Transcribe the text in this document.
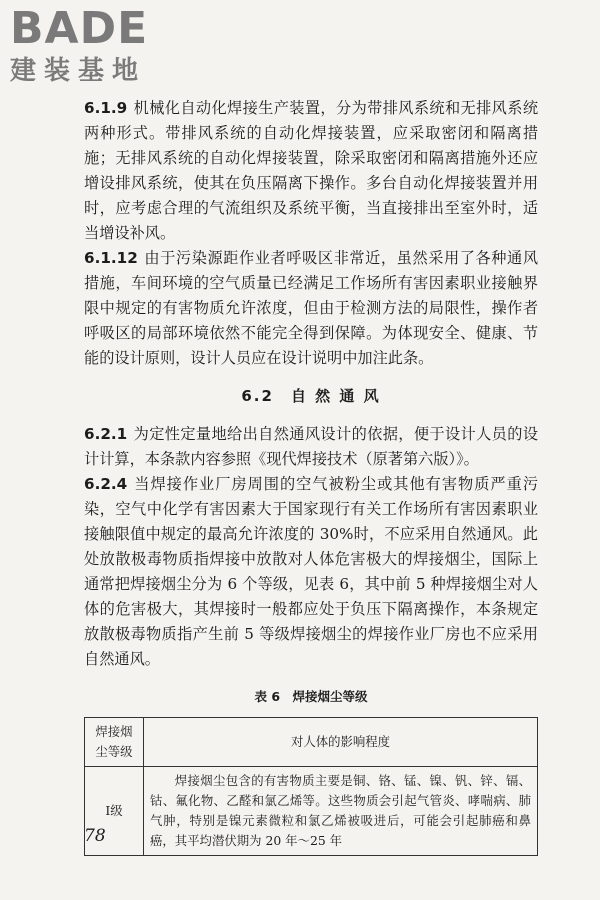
BADE
建装基地

6.1.9 机械化自动化焊接生产装置，分为带排风系统和无排风系统两种形式。带排风系统的自动化焊接装置，应采取密闭和隔离措施；无排风系统的自动化焊接装置，除采取密闭和隔离措施外还应增设排风系统，使其在负压隔离下操作。多台自动化焊接装置并用时，应考虑合理的气流组织及系统平衡，当直接排出至室外时，适当增设补风。

6.1.12 由于污染源距作业者呼吸区非常近，虽然采用了各种通风措施，车间环境的空气质量已经满足工作场所有害因素职业接触界限中规定的有害物质允许浓度，但由于检测方法的局限性，操作者呼吸区的局部环境依然不能完全得到保障。为体现安全、健康、节能的设计原则，设计人员应在设计说明中加注此条。

6.2　 自 然 通 风

6.2.1 为定性定量地给出自然通风设计的依据，便于设计人员的设计计算，本条款内容参照《现代焊接技术（原著第六版）》。

6.2.4 当焊接作业厂房周围的空气被粉尘或其他有害物质严重污染，空气中化学有害因素大于国家现行有关工作场所有害因素职业接触限值中规定的最高允许浓度的 30%时，不应采用自然通风。此处放散极毒物质指焊接中放散对人体危害极大的焊接烟尘，国际上通常把焊接烟尘分为 6 个等级，见表 6，其中前 5 种焊接烟尘对人体的危害极大，其焊接时一般都应处于负压下隔离操作，本条规定放散极毒物质指产生前 5 等级焊接烟尘的焊接作业厂房也不应采用自然通风。

表 6　焊接烟尘等级
焊接烟尘等级	对人体的影响程度
Ⅰ级	焊接烟尘包含的有害物质主要是铜、铬、锰、镍、钒、锌、镉、钴、氟化物、乙醛和氯乙烯等。这些物质会引起气管炎、哮喘病、肺气肿，特别是镍元素微粒和氯乙烯被吸进后，可能会引起肺癌和鼻癌，其平均潜伏期为 20 年～25 年
78
